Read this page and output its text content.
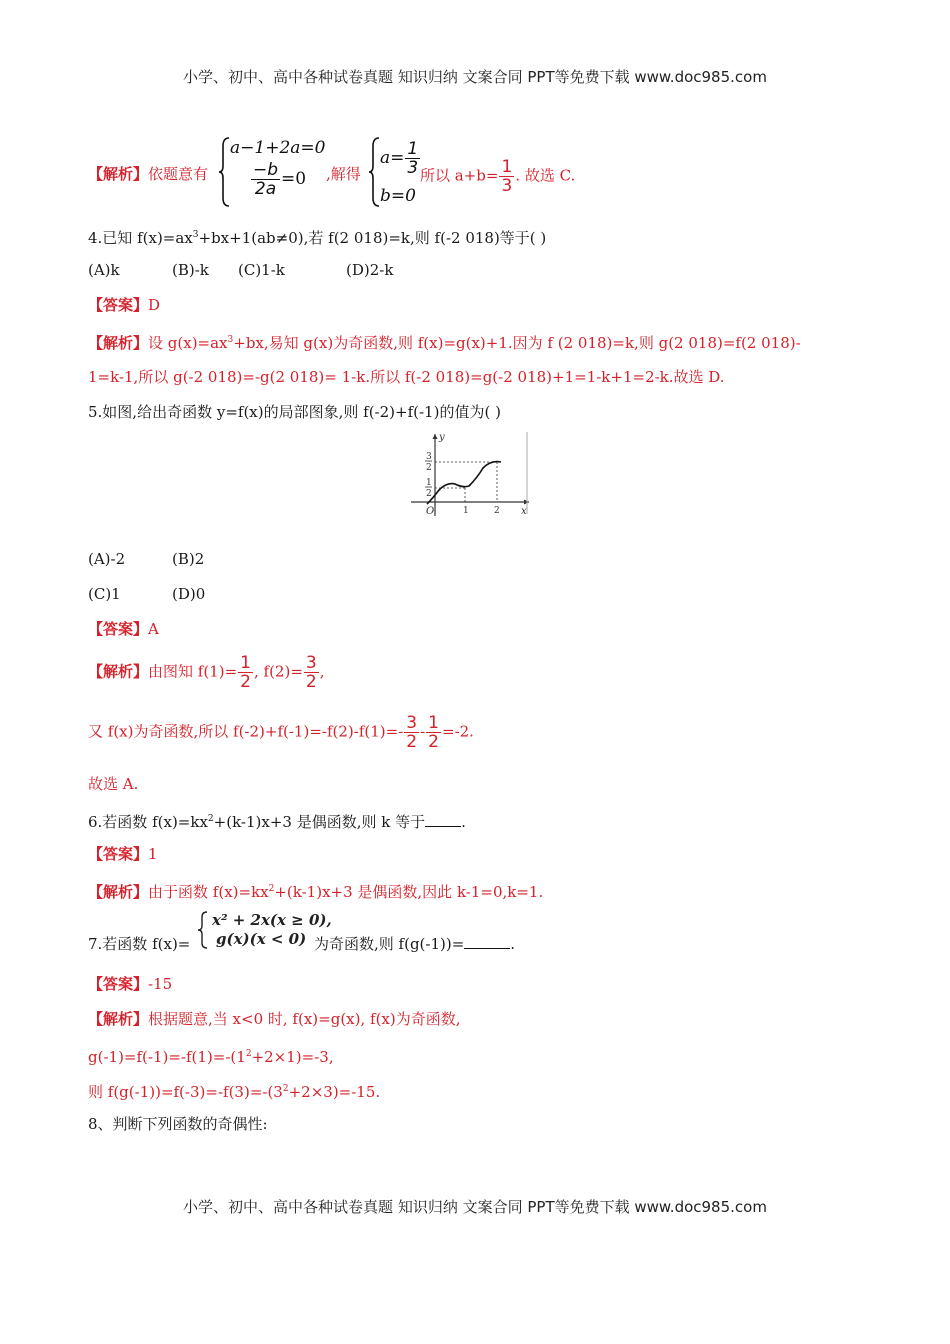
小学、初中、高中各种试卷真题 知识归纳 文案合同 PPT等免费下载 www.doc985.com
【解析】依题意有
a−1+2a=0
$\frac{-b}{2a} =0$ ,解得
$a= \frac{1}{3}$
b=0
所以 $a+b= \frac{1}{3}$ . 故选 C.
4.已知 $f(x)=ax^3+bx+1(ab\ne 0)$,若 f(2 018)=k,则 f(-2 018)等于( )
(A)k	(B)-k (C)1-k	(D)2-k
【答案】D
【解析】设 $g(x)=ax^3+bx$,易知 g(x)为奇函数,则 f(x)=g(x)+1.因为 f (2 018)=k,则 g(2 018)=f(2 018)-
1=k-1,所以 g(-2 018)=-g(2 018)= 1-k.所以 f(-2 018)=g(-2 018)+1=1-k+1=2-k.故选 D.
5.如图,给出奇函数 y=f(x)的局部图象,则 f(-2)+f(-1)的值为( )
y
x
O
3
2
1
2
1	2
(A)-2	(B)2
(C)1	(D)0
【答案】A
【解析】由图知 $f(1)= \frac{1}{2}$ , $f(2)= \frac{3}{2}$ ,
又 f(x)为奇函数,所以 $f(-2)+f(-1)=-f(2)-f(1)=- \frac{3}{2} - \frac{1}{2} =-2$.
故选 A.
6.若函数 $f(x)=kx^2+(k-1)x+3$ 是偶函数,则 k 等于 .
【答案】1
【解析】由于函数 $f(x)=kx^2+(k-1)x+3$ 是偶函数,因此 k-1=0,k=1.
7.若函数 f(x)=
x² + 2x(x ≥ 0),
g(x)(x < 0) 为奇函数,则 f(g(-1))=	.
【答案】-15
【解析】根据题意,当 x<0 时, f(x)=g(x), f(x)为奇函数,
$g(-1)=f(-1)=-f(1)=-(1^2+2\times 1)=-3$,
则 $f(g(-1))=f(-3)=-f(3)=-(3^2+2\times 3)=-15$.
8、判断下列函数的奇偶性:
小学、初中、高中各种试卷真题 知识归纳 文案合同 PPT等免费下载 www.doc985.com
